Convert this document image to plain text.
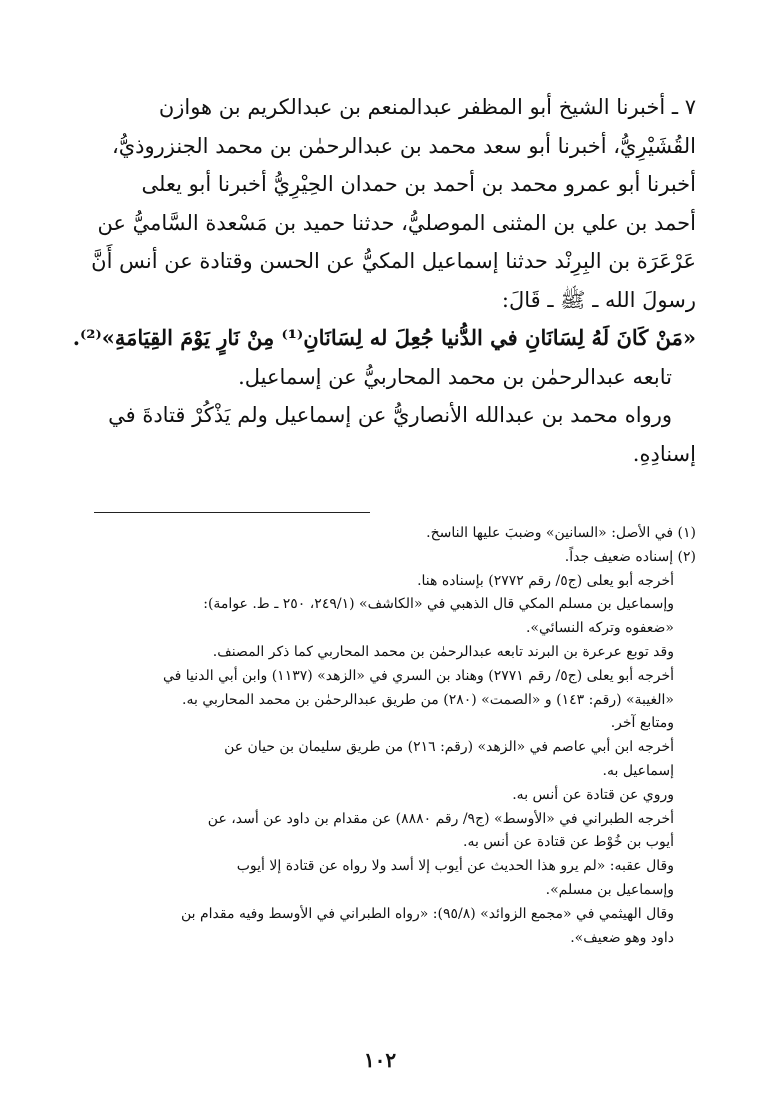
٧ ـ أخبرنا الشيخ أبو المظفر عبدالمنعم بن عبدالكريم بن هوازن
القُشَيْرِيُّ، أخبرنا أبو سعد محمد بن عبدالرحمٰن بن محمد الجنزروذيُّ،
أخبرنا أبو عمرو محمد بن أحمد بن حمدان الحِيْرِيُّ أخبرنا أبو يعلى
أحمد بن علي بن المثنى الموصليُّ، حدثنا حميد بن مَسْعدة السَّاميُّ عن
عَرْعَرَة بن البِرِنْد حدثنا إسماعيل المكيُّ عن الحسن وقتادة عن أنس أَنَّ
رسولَ الله ـ ﷺ ـ قَالَ:
«مَنْ كَانَ لَهُ لِسَانَانِ في الدُّنيا جُعِلَ له لِسَانَانِ⁽¹⁾ مِنْ نَارٍ يَوْمَ القِيَامَةِ»⁽²⁾.
تابعه عبدالرحمٰن بن محمد المحاربيُّ عن إسماعيل.
ورواه محمد بن عبدالله الأنصاريُّ عن إسماعيل ولم يَذْكُرْ قتادةَ في
إسنادِهِ.
(١) في الأصل: «السانين» وضببَ عليها الناسخ.
(٢) إسناده ضعيف جداً.
أخرجه أبو يعلى (ج٥/ رقم ٢٧٧٢) بإسناده هنا.
وإسماعيل بن مسلم المكي قال الذهبي في «الكاشف» (٢٤٩/١، ٢٥٠ ـ ط. عوامة):
«ضعفوه وتركه النسائي».
وقد توبع عرعرة بن البرند تابعه عبدالرحمٰن بن محمد المحاربي كما ذكر المصنف.
أخرجه أبو يعلى (ج٥/ رقم ٢٧٧١) وهناد بن السري في «الزهد» (١١٣٧) وابن أبي الدنيا في
«الغيبة» (رقم: ١٤٣) و «الصمت» (٢٨٠) من طريق عبدالرحمٰن بن محمد المحاربي به.
ومتابع آخر.
أخرجه ابن أبي عاصم في «الزهد» (رقم: ٢١٦) من طريق سليمان بن حيان عن
إسماعيل به.
وروي عن قتادة عن أنس به.
أخرجه الطبراني في «الأوسط» (ج٩/ رقم ٨٨٨٠) عن مقدام بن داود عن أسد، عن
أيوب بن خُوْط عن قتادة عن أنس به.
وقال عقبه: «لم يرو هذا الحديث عن أيوب إلا أسد ولا رواه عن قتادة إلا أيوب
وإسماعيل بن مسلم».
وقال الهيثمي في «مجمع الزوائد» (٩٥/٨): «رواه الطبراني في الأوسط وفيه مقدام بن
داود وهو ضعيف».
١٠٢
